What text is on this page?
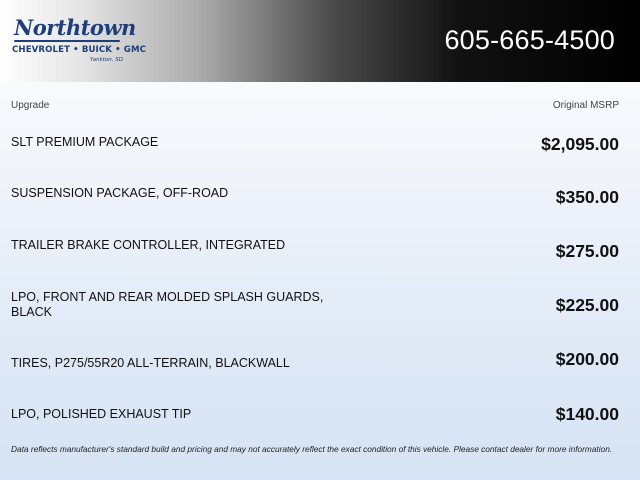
Northtown
CHEVROLET • BUICK • GMC
Yankton, SD
605-665-4500
Upgrade	Original MSRP
SLT PREMIUM PACKAGE	$2,095.00
SUSPENSION PACKAGE, OFF-ROAD	$350.00
TRAILER BRAKE CONTROLLER, INTEGRATED	$275.00
LPO, FRONT AND REAR MOLDED SPLASH GUARDS, BLACK	$225.00
TIRES, P275/55R20 ALL-TERRAIN, BLACKWALL	$200.00
LPO, POLISHED EXHAUST TIP	$140.00
Data reflects manufacturer's standard build and pricing and may not accurately reflect the exact condition of this vehicle. Please contact dealer for more information.
